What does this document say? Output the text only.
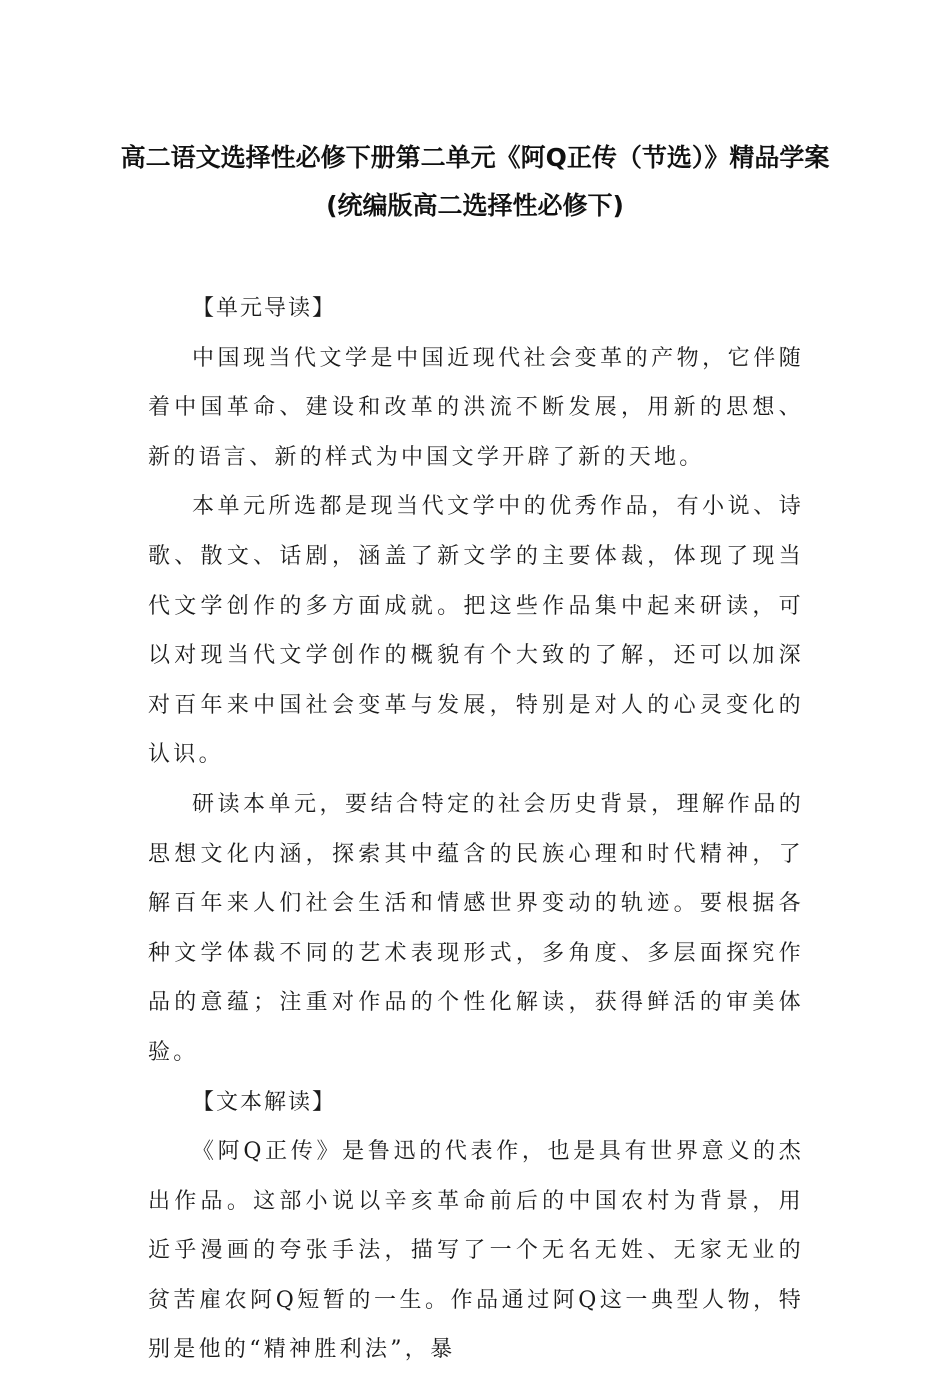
高二语文选择性必修下册第二单元《阿Q正传（节选）》精品学案
(统编版高二选择性必修下)

【单元导读】

中国现当代文学是中国近现代社会变革的产物，它伴随着中国革命、建设和改革的洪流不断发展，用新的思想、新的语言、新的样式为中国文学开辟了新的天地。

本单元所选都是现当代文学中的优秀作品，有小说、诗歌、散文、话剧，涵盖了新文学的主要体裁，体现了现当代文学创作的多方面成就。把这些作品集中起来研读，可以对现当代文学创作的概貌有个大致的了解，还可以加深对百年来中国社会变革与发展，特别是对人的心灵变化的认识。

研读本单元，要结合特定的社会历史背景，理解作品的思想文化内涵，探索其中蕴含的民族心理和时代精神，了解百年来人们社会生活和情感世界变动的轨迹。要根据各种文学体裁不同的艺术表现形式，多角度、多层面探究作品的意蕴；注重对作品的个性化解读，获得鲜活的审美体验。

【文本解读】

《阿Q正传》是鲁迅的代表作，也是具有世界意义的杰出作品。这部小说以辛亥革命前后的中国农村为背景，用近乎漫画的夸张手法，描写了一个无名无姓、无家无业的贫苦雇农阿Q短暂的一生。作品通过阿Q这一典型人物，特别是他的“精神胜利法”，暴
